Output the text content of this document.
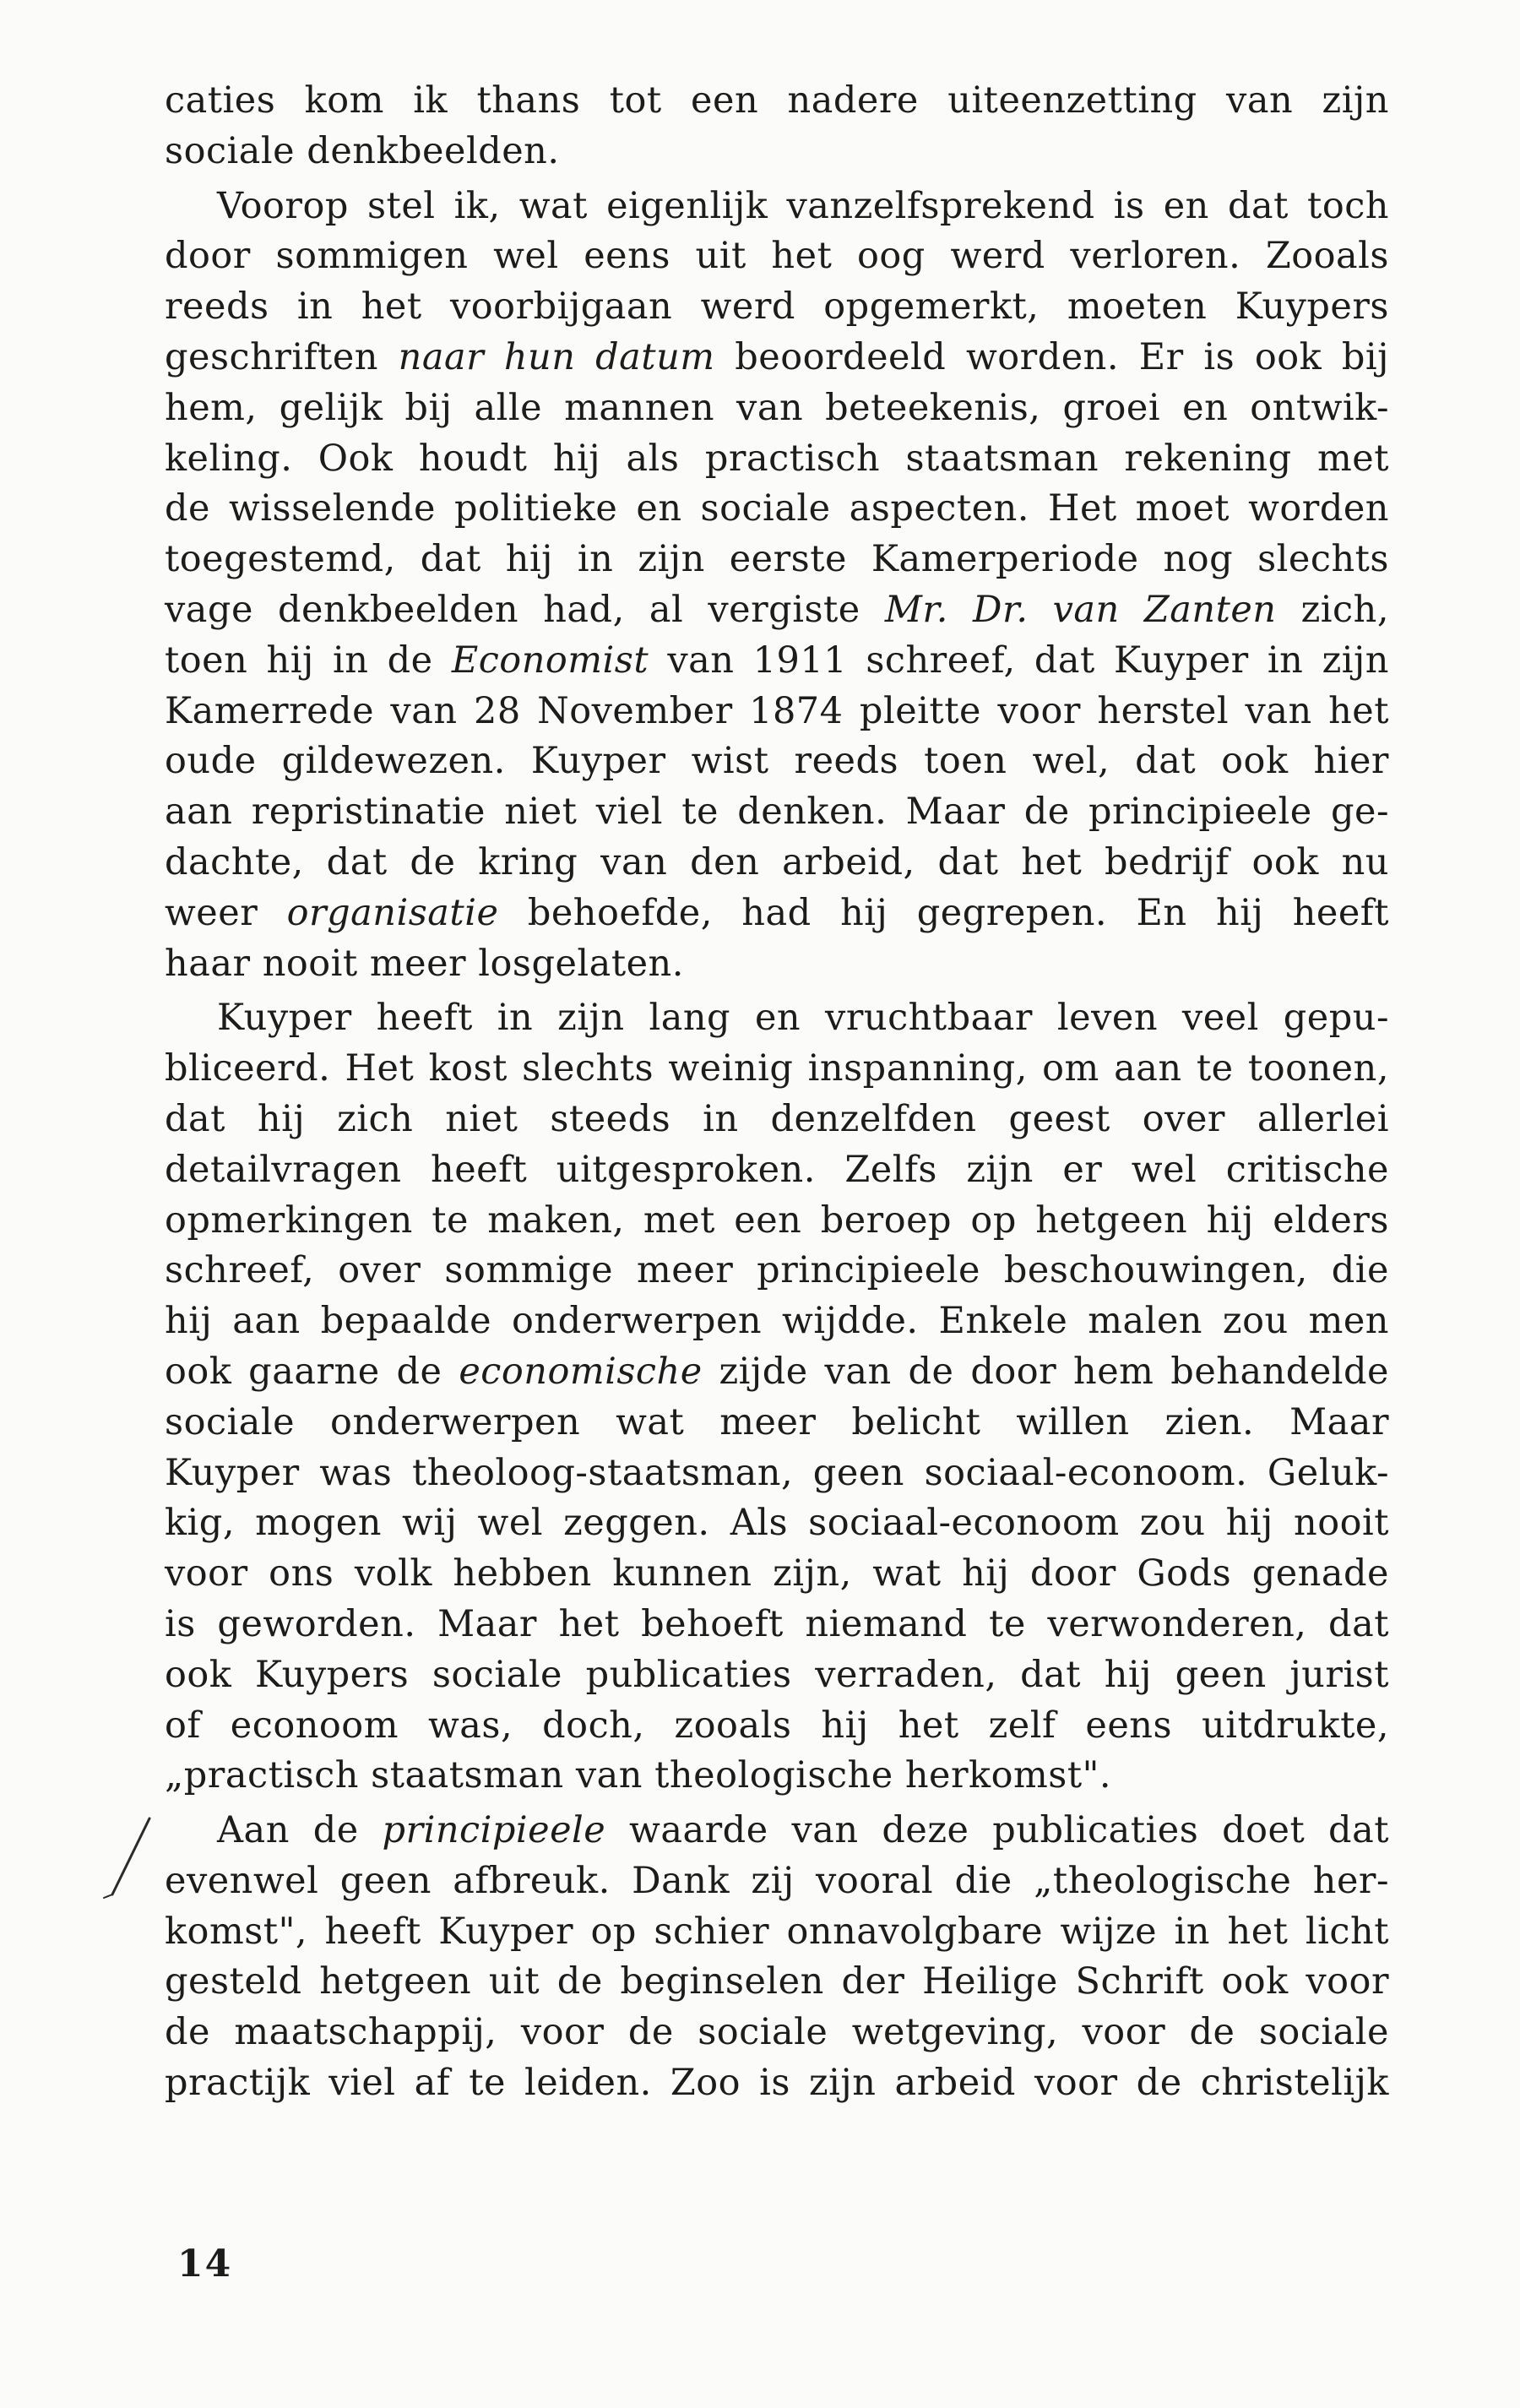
caties kom ik thans tot een nadere uiteenzetting van zijn
sociale denkbeelden.
Voorop stel ik, wat eigenlijk vanzelfsprekend is en dat toch
door sommigen wel eens uit het oog werd verloren. Zooals
reeds in het voorbijgaan werd opgemerkt, moeten Kuypers
geschriften naar hun datum beoordeeld worden. Er is ook bij
hem, gelijk bij alle mannen van beteekenis, groei en ontwik-
keling. Ook houdt hij als practisch staatsman rekening met
de wisselende politieke en sociale aspecten. Het moet worden
toegestemd, dat hij in zijn eerste Kamerperiode nog slechts
vage denkbeelden had, al vergiste Mr. Dr. van Zanten zich,
toen hij in de Economist van 1911 schreef, dat Kuyper in zijn
Kamerrede van 28 November 1874 pleitte voor herstel van het
oude gildewezen. Kuyper wist reeds toen wel, dat ook hier
aan repristinatie niet viel te denken. Maar de principieele ge-
dachte, dat de kring van den arbeid, dat het bedrijf ook nu
weer organisatie behoefde, had hij gegrepen. En hij heeft
haar nooit meer losgelaten.
Kuyper heeft in zijn lang en vruchtbaar leven veel gepu-
bliceerd. Het kost slechts weinig inspanning, om aan te toonen,
dat hij zich niet steeds in denzelfden geest over allerlei
detailvragen heeft uitgesproken. Zelfs zijn er wel critische
opmerkingen te maken, met een beroep op hetgeen hij elders
schreef, over sommige meer principieele beschouwingen, die
hij aan bepaalde onderwerpen wijdde. Enkele malen zou men
ook gaarne de economische zijde van de door hem behandelde
sociale onderwerpen wat meer belicht willen zien. Maar
Kuyper was theoloog-staatsman, geen sociaal-econoom. Geluk-
kig, mogen wij wel zeggen. Als sociaal-econoom zou hij nooit
voor ons volk hebben kunnen zijn, wat hij door Gods genade
is geworden. Maar het behoeft niemand te verwonderen, dat
ook Kuypers sociale publicaties verraden, dat hij geen jurist
of econoom was, doch, zooals hij het zelf eens uitdrukte,
„practisch staatsman van theologische herkomst".
Aan de principieele waarde van deze publicaties doet dat
evenwel geen afbreuk. Dank zij vooral die „theologische her-
komst", heeft Kuyper op schier onnavolgbare wijze in het licht
gesteld hetgeen uit de beginselen der Heilige Schrift ook voor
de maatschappij, voor de sociale wetgeving, voor de sociale
practijk viel af te leiden. Zoo is zijn arbeid voor de christelijk
14
